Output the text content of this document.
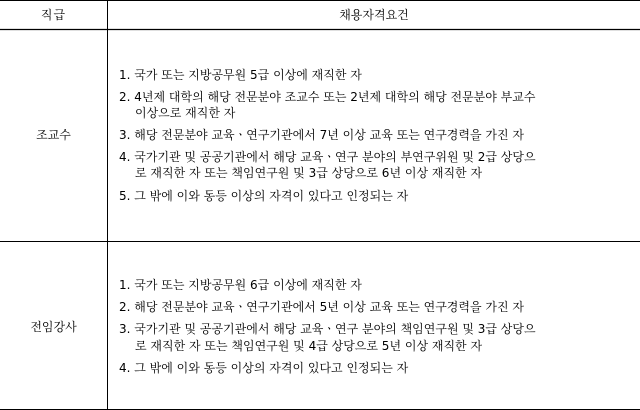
직급	채용자격요건
조교수
1. 국가 또는 지방공무원 5급 이상에 재직한 자
2. 4년제 대학의 해당 전문분야 조교수 또는 2년제 대학의 해당 전문분야 부교수
이상으로 재직한 자
3. 해당 전문분야 교육ㆍ연구기관에서 7년 이상 교육 또는 연구경력을 가진 자
4. 국가기관 및 공공기관에서 해당 교육ㆍ연구 분야의 부연구위원 및 2급 상당으
로 재직한 자 또는 책임연구원 및 3급 상당으로 6년 이상 재직한 자
5. 그 밖에 이와 동등 이상의 자격이 있다고 인정되는 자
전임강사
1. 국가 또는 지방공무원 6급 이상에 재직한 자
2. 해당 전문분야 교육ㆍ연구기관에서 5년 이상 교육 또는 연구경력을 가진 자
3. 국가기관 및 공공기관에서 해당 교육ㆍ연구 분야의 책임연구원 및 3급 상당으
로 재직한 자 또는 책임연구원 및 4급 상당으로 5년 이상 재직한 자
4. 그 밖에 이와 동등 이상의 자격이 있다고 인정되는 자
